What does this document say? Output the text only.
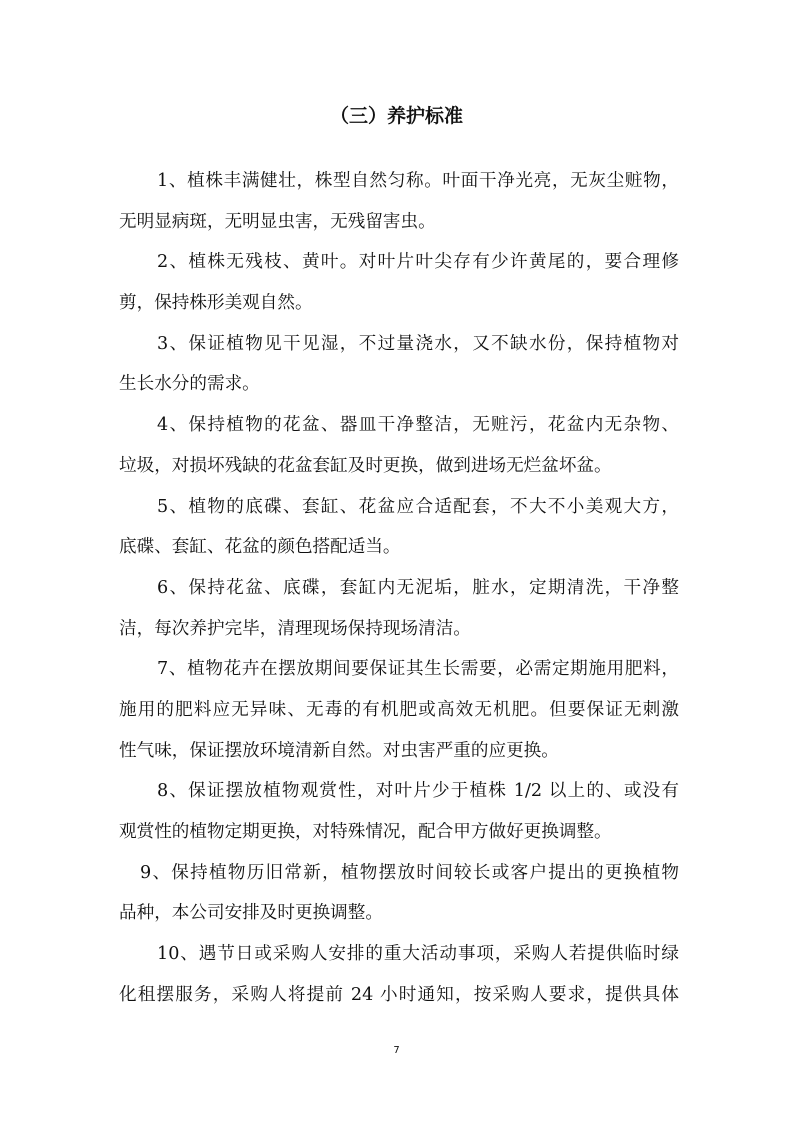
（三）养护标准
1、植株丰满健壮，株型自然匀称。叶面干净光亮，无灰尘赃物，
无明显病斑，无明显虫害，无残留害虫。
2、植株无残枝、黄叶。对叶片叶尖存有少许黄尾的，要合理修
剪，保持株形美观自然。
3、保证植物见干见湿，不过量浇水，又不缺水份，保持植物对
生长水分的需求。
4、保持植物的花盆、器皿干净整洁，无赃污，花盆内无杂物、
垃圾，对损坏残缺的花盆套缸及时更换，做到进场无烂盆坏盆。
5、植物的底碟、套缸、花盆应合适配套，不大不小美观大方，
底碟、套缸、花盆的颜色搭配适当。
6、保持花盆、底碟，套缸内无泥垢，脏水，定期清洗，干净整
洁，每次养护完毕，清理现场保持现场清洁。
7、植物花卉在摆放期间要保证其生长需要，必需定期施用肥料，
施用的肥料应无异味、无毒的有机肥或高效无机肥。但要保证无刺激
性气味，保证摆放环境清新自然。对虫害严重的应更换。
8、保证摆放植物观赏性，对叶片少于植株 1/2 以上的、或没有
观赏性的植物定期更换，对特殊情况，配合甲方做好更换调整。
9、保持植物历旧常新，植物摆放时间较长或客户提出的更换植物
品种，本公司安排及时更换调整。
10、遇节日或采购人安排的重大活动事项，采购人若提供临时绿
化租摆服务，采购人将提前 24 小时通知，按采购人要求，提供具体
7
